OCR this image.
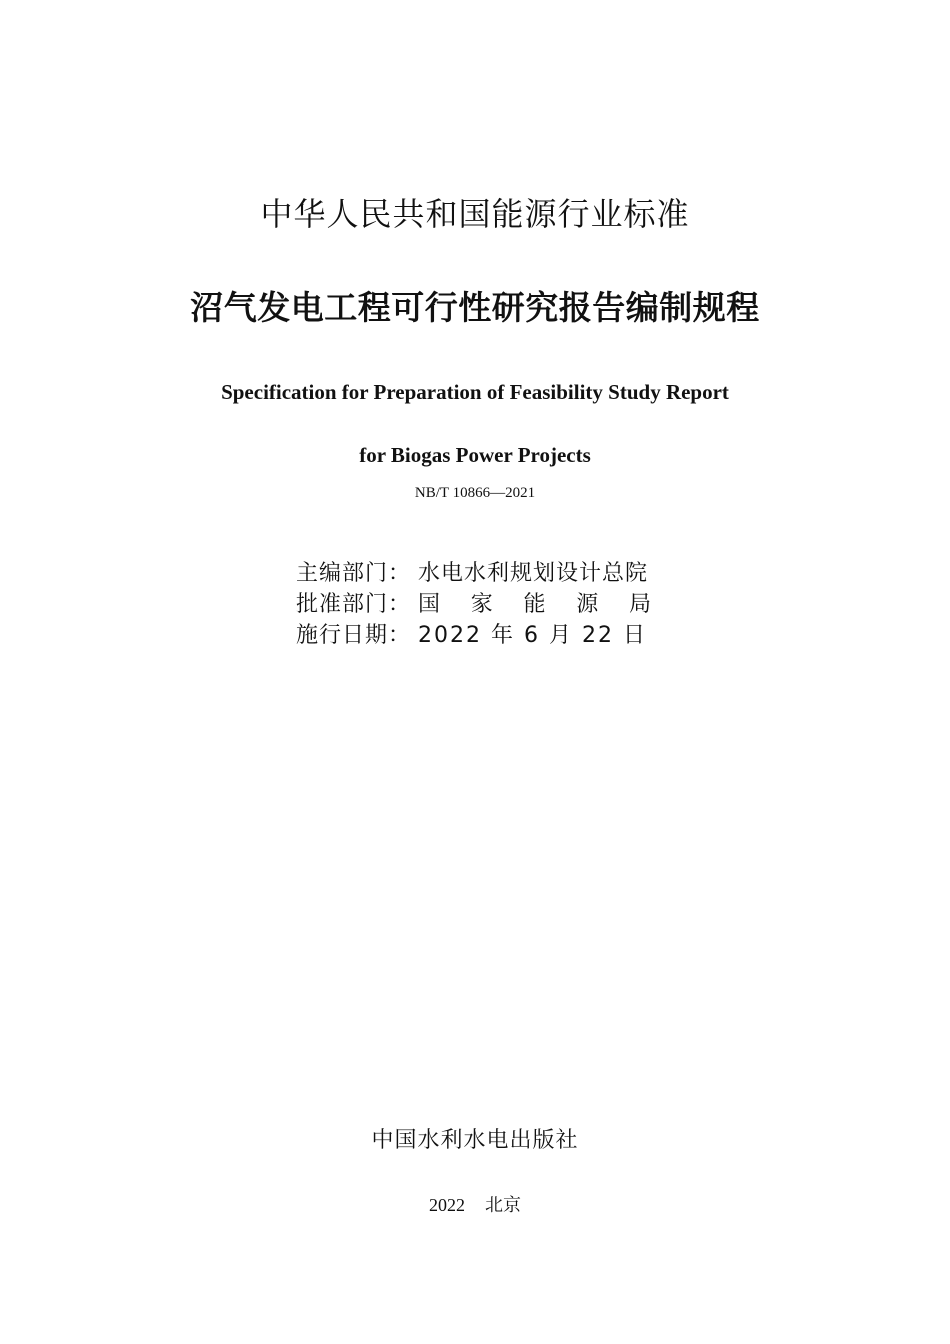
中华人民共和国能源行业标准
沼气发电工程可行性研究报告编制规程
Specification for Preparation of Feasibility Study Report
for Biogas Power Projects
NB/T 10866—2021
主编部门： 水电水利规划设计总院
批准部门： 国 家 能 源 局
施行日期： 2022 年 6 月 22 日
中国水利水电出版社
2022 北京
